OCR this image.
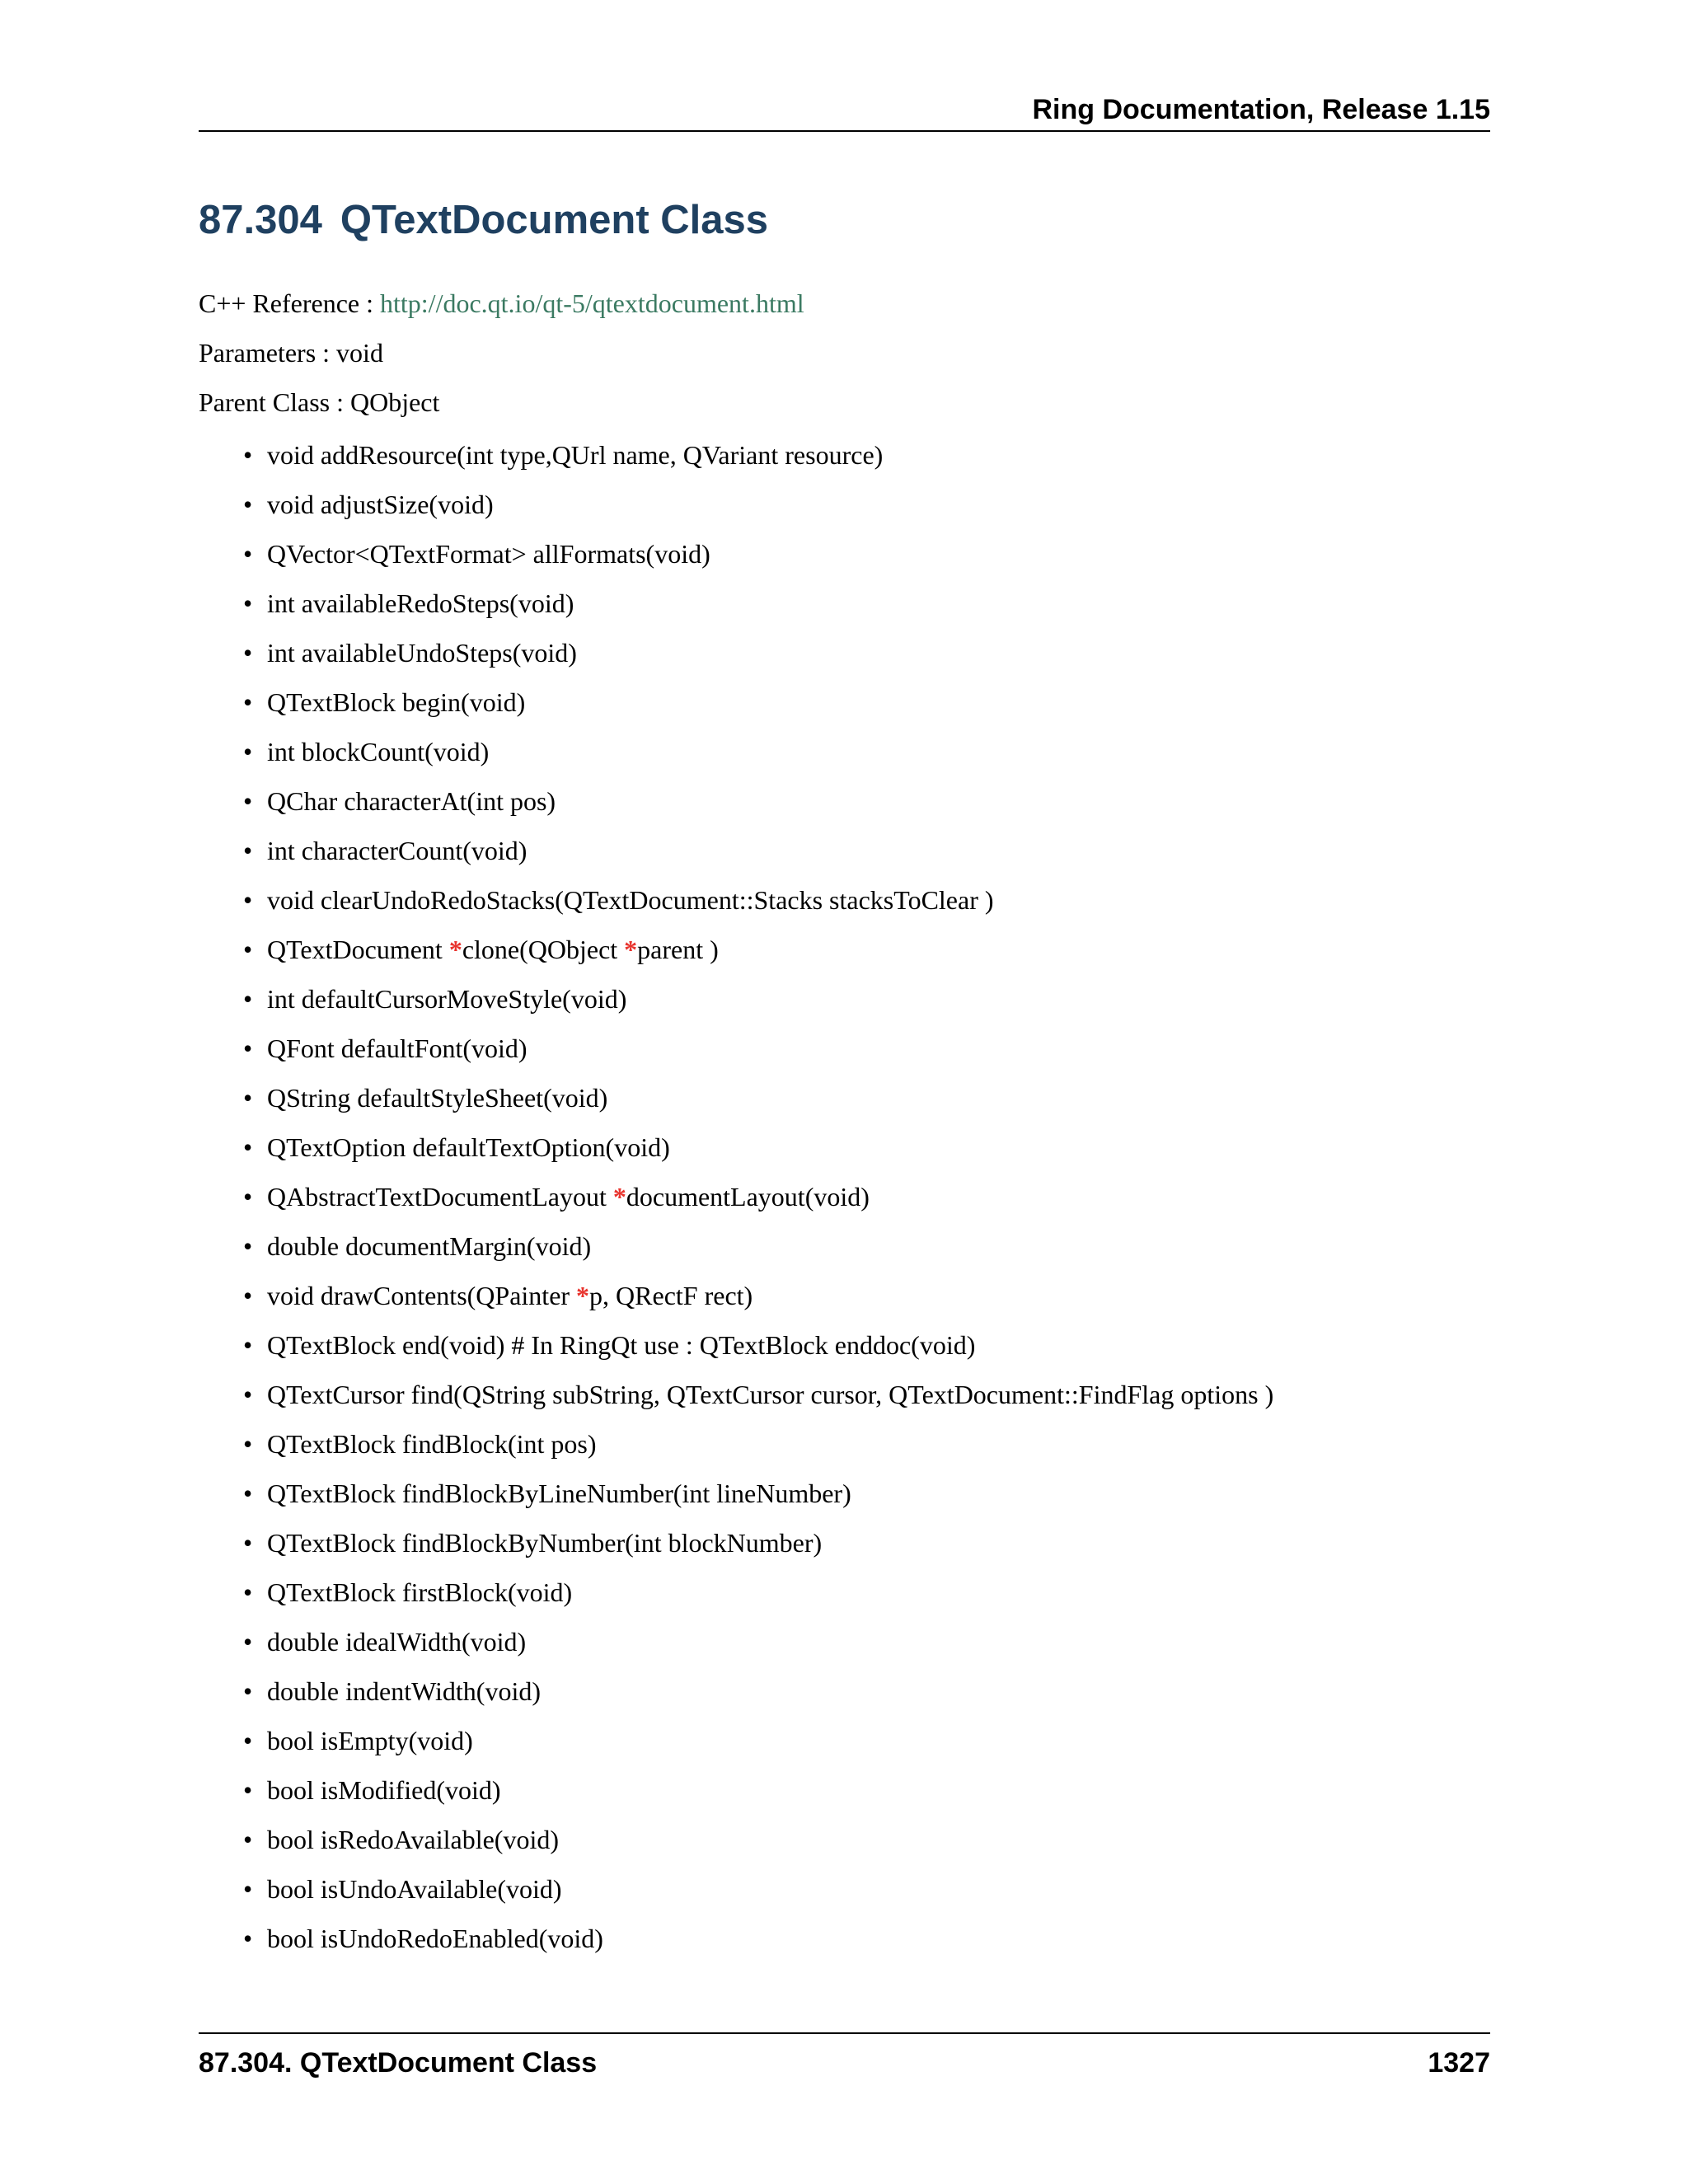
Ring Documentation, Release 1.15
87.304 QTextDocument Class
C++ Reference : http://doc.qt.io/qt-5/qtextdocument.html
Parameters : void
Parent Class : QObject
• void addResource(int type,QUrl name, QVariant resource)
• void adjustSize(void)
• QVector<QTextFormat> allFormats(void)
• int availableRedoSteps(void)
• int availableUndoSteps(void)
• QTextBlock begin(void)
• int blockCount(void)
• QChar characterAt(int pos)
• int characterCount(void)
• void clearUndoRedoStacks(QTextDocument::Stacks stacksToClear )
• QTextDocument *clone(QObject *parent )
• int defaultCursorMoveStyle(void)
• QFont defaultFont(void)
• QString defaultStyleSheet(void)
• QTextOption defaultTextOption(void)
• QAbstractTextDocumentLayout *documentLayout(void)
• double documentMargin(void)
• void drawContents(QPainter *p, QRectF rect)
• QTextBlock end(void) # In RingQt use : QTextBlock enddoc(void)
• QTextCursor find(QString subString, QTextCursor cursor, QTextDocument::FindFlag options )
• QTextBlock findBlock(int pos)
• QTextBlock findBlockByLineNumber(int lineNumber)
• QTextBlock findBlockByNumber(int blockNumber)
• QTextBlock firstBlock(void)
• double idealWidth(void)
• double indentWidth(void)
• bool isEmpty(void)
• bool isModified(void)
• bool isRedoAvailable(void)
• bool isUndoAvailable(void)
• bool isUndoRedoEnabled(void)
87.304. QTextDocument Class	1327
